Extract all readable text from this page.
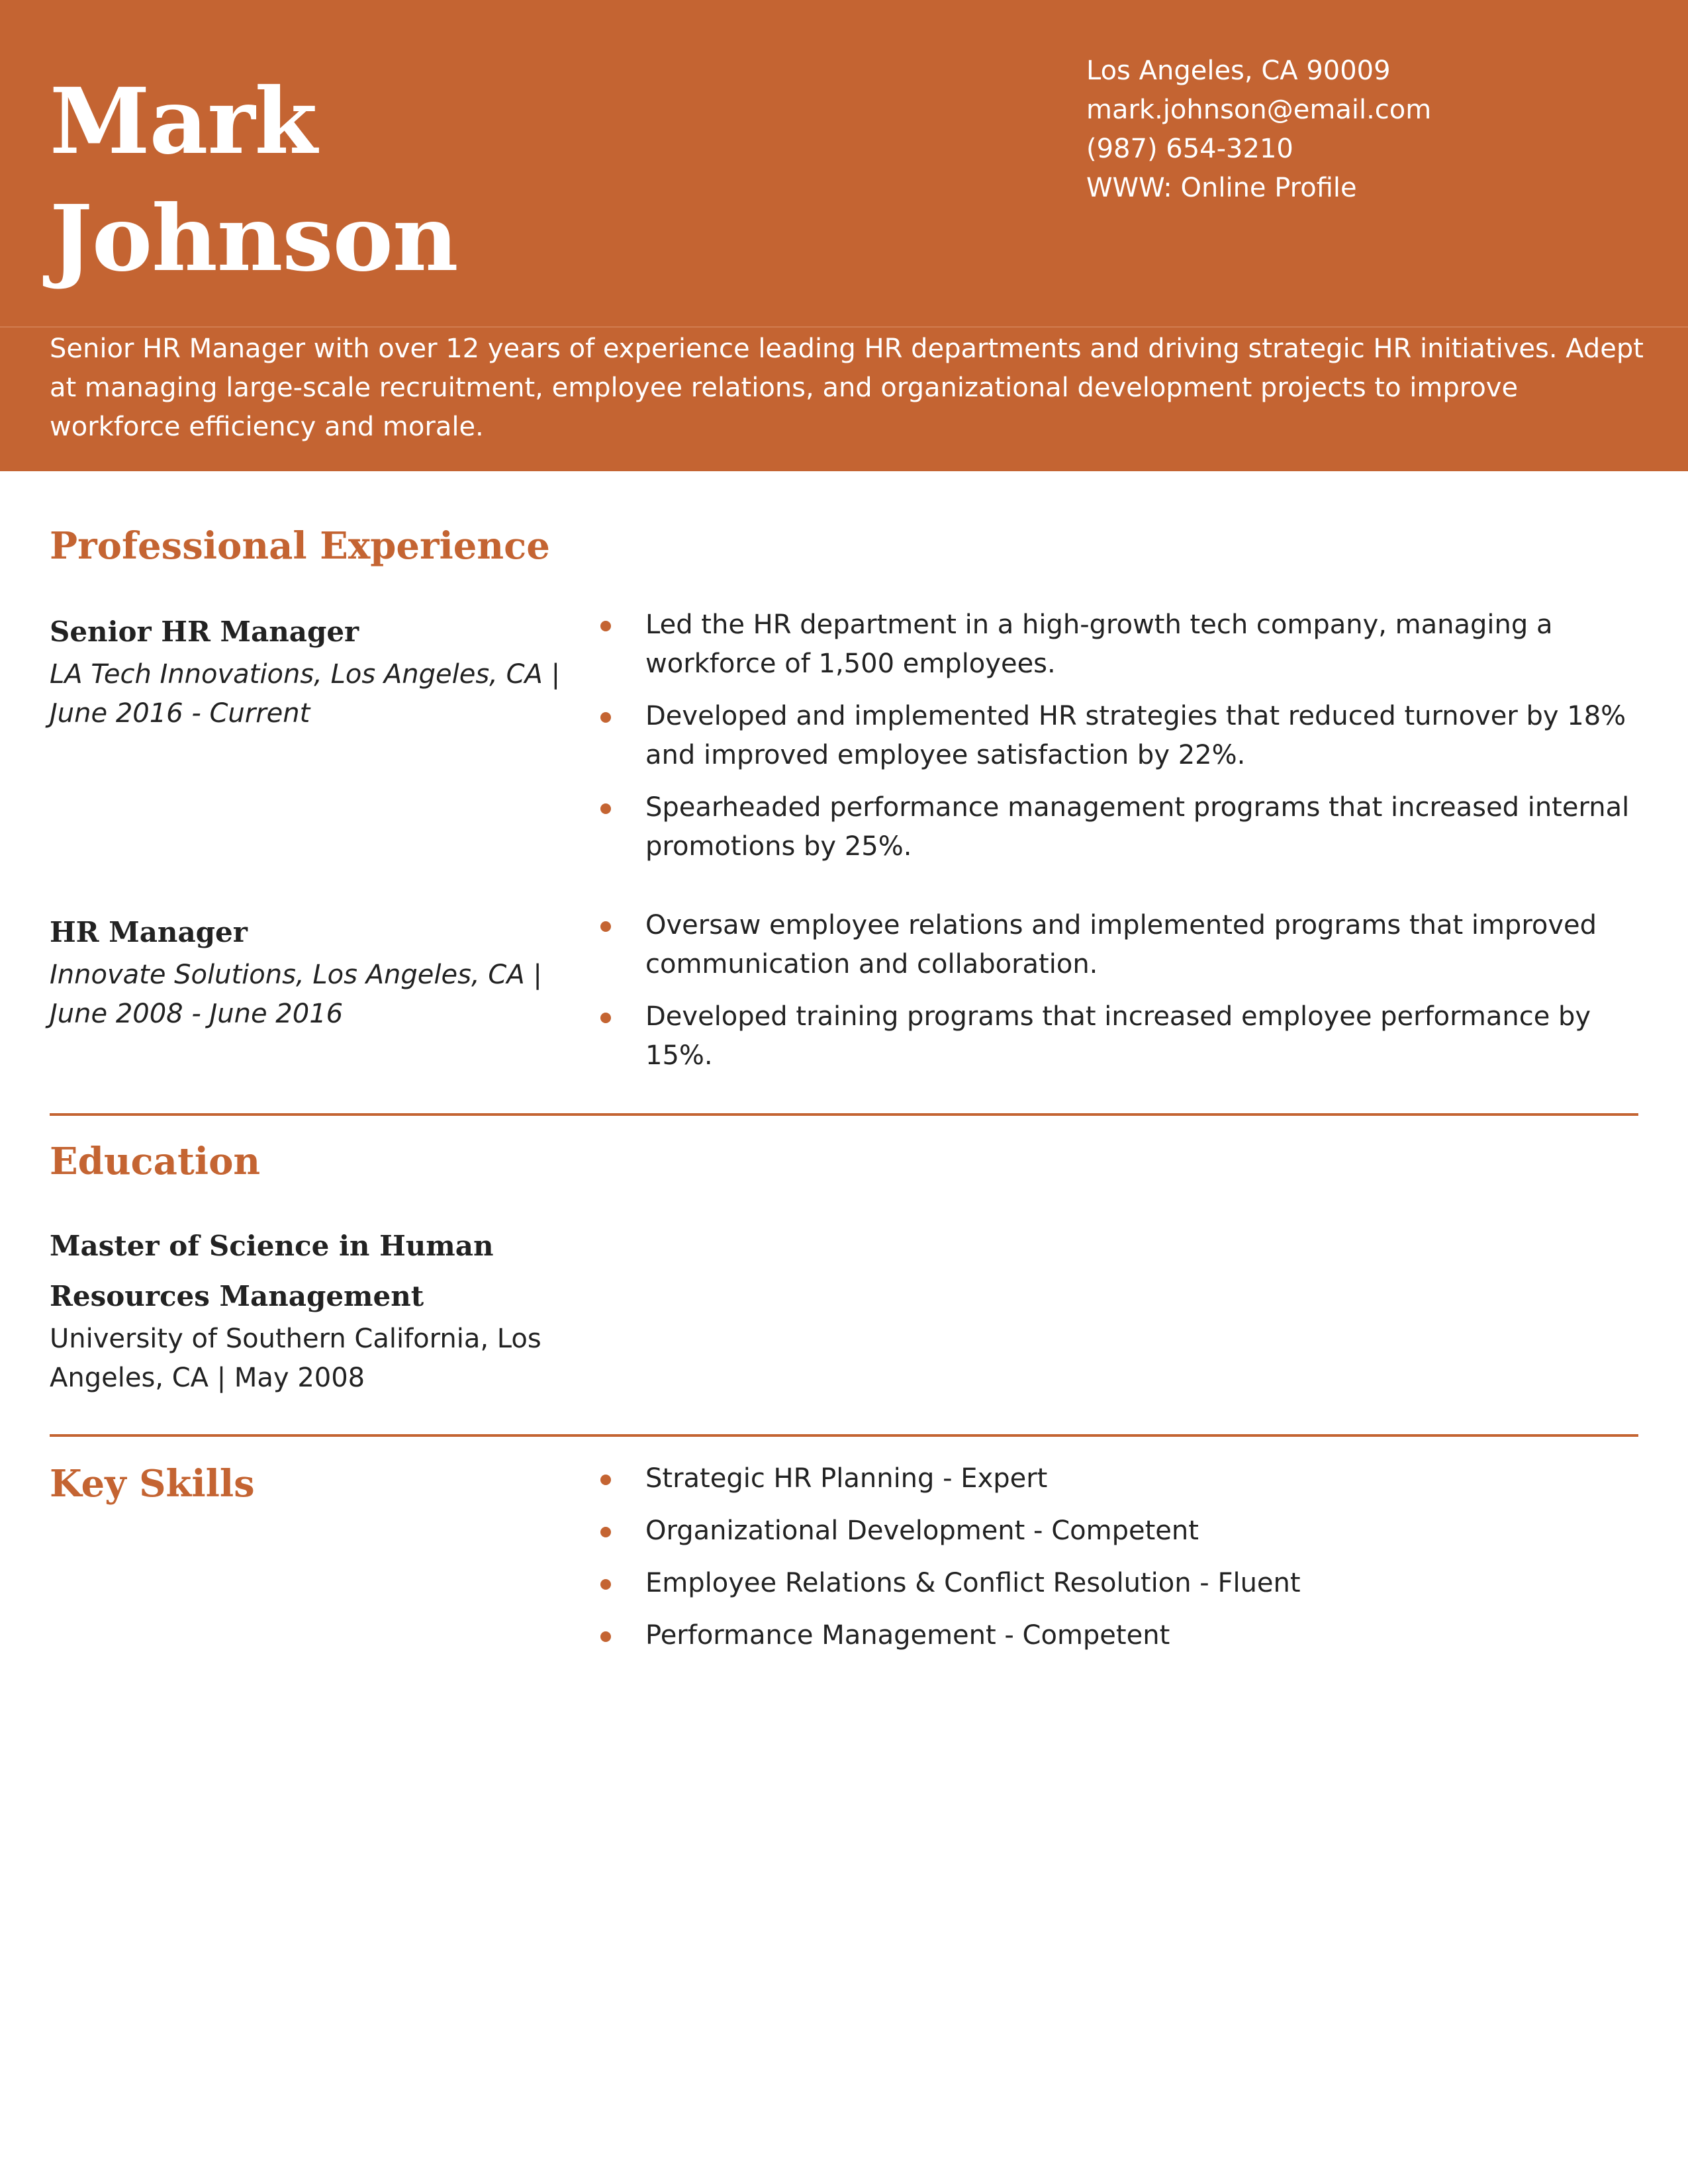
Mark
Johnson
Los Angeles, CA 90009
mark.johnson@email.com
(987) 654-3210
WWW: Online Profile
Senior HR Manager with over 12 years of experience leading HR departments and driving strategic HR initiatives. Adept at managing large-scale recruitment, employee relations, and organizational development projects to improve workforce efficiency and morale.
Professional Experience
Senior HR Manager
LA Tech Innovations, Los Angeles, CA | June 2016 - Current
Led the HR department in a high-growth tech company, managing a workforce of 1,500 employees.
Developed and implemented HR strategies that reduced turnover by 18% and improved employee satisfaction by 22%.
Spearheaded performance management programs that increased internal promotions by 25%.
HR Manager
Innovate Solutions, Los Angeles, CA | June 2008 - June 2016
Oversaw employee relations and implemented programs that improved communication and collaboration.
Developed training programs that increased employee performance by 15%.
Education
Master of Science in Human Resources Management
University of Southern California, Los Angeles, CA | May 2008
Key Skills	Strategic HR Planning - Expert
Organizational Development - Competent
Employee Relations & Conflict Resolution - Fluent
Performance Management - Competent
